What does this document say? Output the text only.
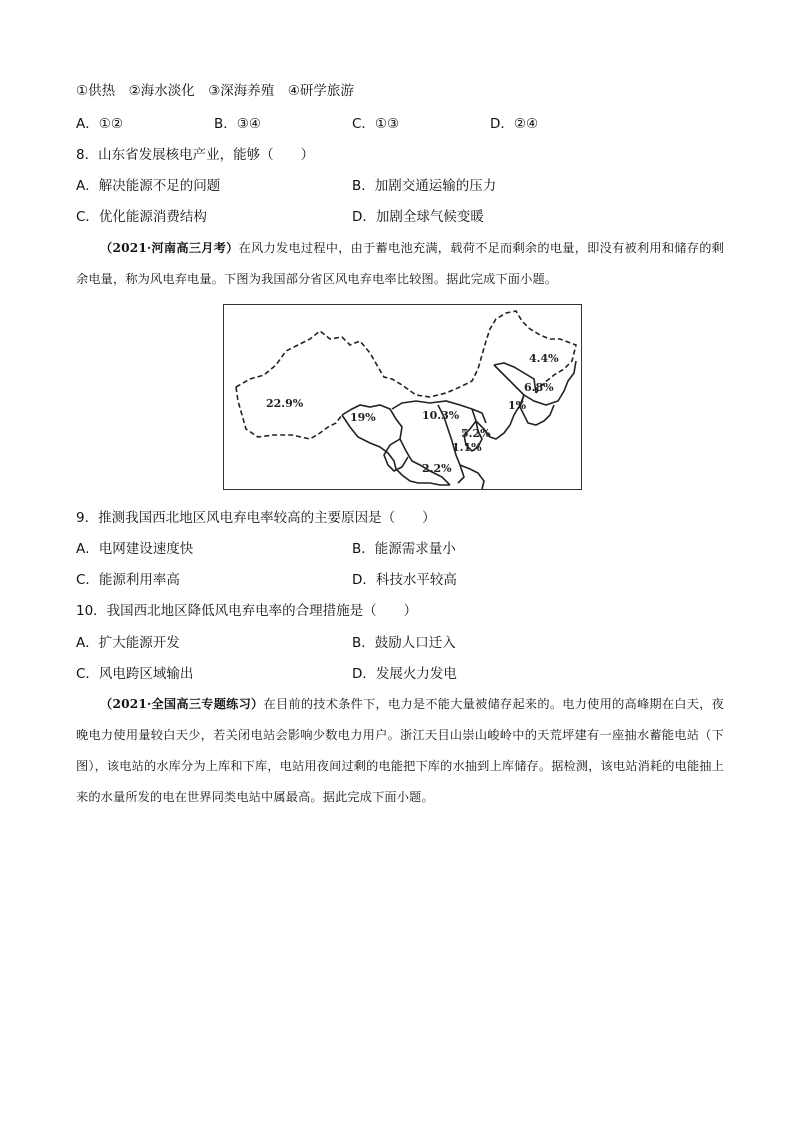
①供热　②海水淡化　③深海养殖　④研学旅游
A．①②	B．③④	C．①③	D．②④
8．山东省发展核电产业，能够（　　）
A．解决能源不足的问题	B．加剧交通运输的压力
C．优化能源消费结构	D．加剧全球气候变暖
（2021·河南高三月考）在风力发电过程中，由于蓄电池充满，载荷不足而剩余的电量，即没有被利用和储存的剩余电量，称为风电弃电量。下图为我国部分省区风电弃电率比较图。据此完成下面小题。
22.9%
19%	10.3%
4.4%
6.8%
1%
5.2%
1.1%
2.2%
9．推测我国西北地区风电弃电率较高的主要原因是（　　）
A．电网建设速度快	B．能源需求量小
C．能源利用率高	D．科技水平较高
10．我国西北地区降低风电弃电率的合理措施是（　　）
A．扩大能源开发	B．鼓励人口迁入
C．风电跨区域输出	D．发展火力发电
（2021·全国高三专题练习）在目前的技术条件下，电力是不能大量被储存起来的。电力使用的高峰期在白天，夜晚电力使用量较白天少，若关闭电站会影响少数电力用户。浙江天目山崇山峻岭中的天荒坪建有一座抽水蓄能电站（下图），该电站的水库分为上库和下库，电站用夜间过剩的电能把下库的水抽到上库储存。据检测，该电站消耗的电能抽上来的水量所发的电在世界同类电站中属最高。据此完成下面小题。
